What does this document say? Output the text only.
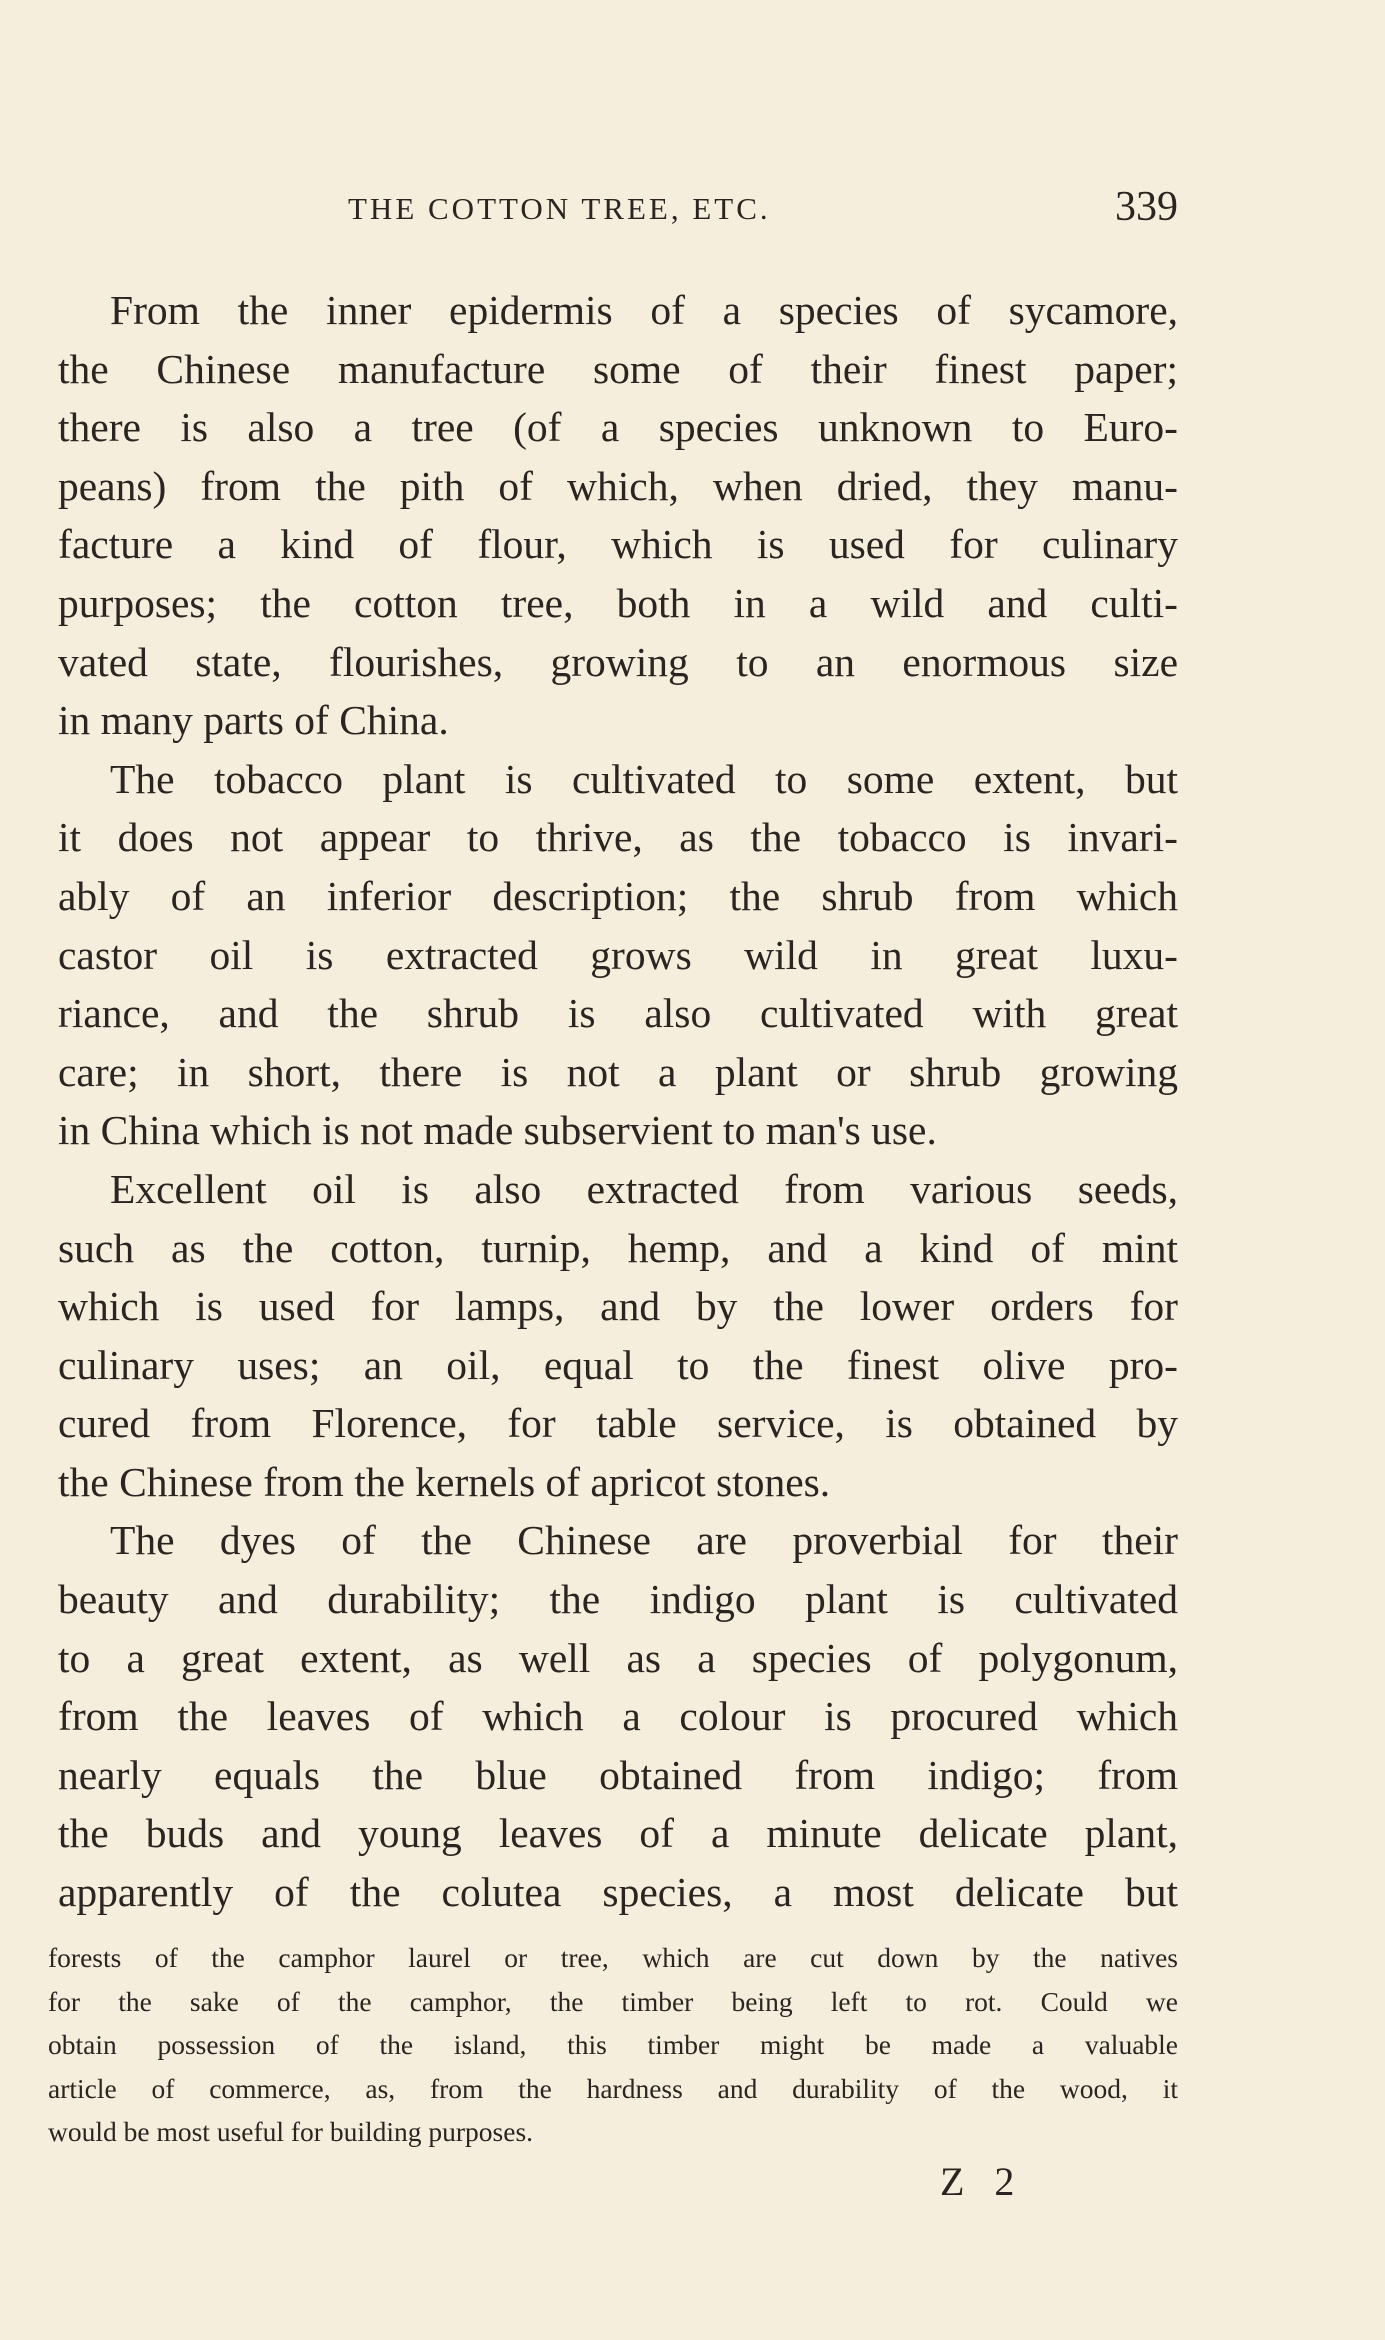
THE COTTON TREE, ETC.	339
From the inner epidermis of a species of sycamore,
the Chinese manufacture some of their finest paper;
there is also a tree (of a species unknown to Euro-
peans) from the pith of which, when dried, they manu-
facture a kind of flour, which is used for culinary
purposes; the cotton tree, both in a wild and culti-
vated state, flourishes, growing to an enormous size
in many parts of China.
The tobacco plant is cultivated to some extent, but
it does not appear to thrive, as the tobacco is invari-
ably of an inferior description; the shrub from which
castor oil is extracted grows wild in great luxu-
riance, and the shrub is also cultivated with great
care; in short, there is not a plant or shrub growing
in China which is not made subservient to man's use.
Excellent oil is also extracted from various seeds,
such as the cotton, turnip, hemp, and a kind of mint
which is used for lamps, and by the lower orders for
culinary uses; an oil, equal to the finest olive pro-
cured from Florence, for table service, is obtained by
the Chinese from the kernels of apricot stones.
The dyes of the Chinese are proverbial for their
beauty and durability; the indigo plant is cultivated
to a great extent, as well as a species of polygonum,
from the leaves of which a colour is procured which
nearly equals the blue obtained from indigo; from
the buds and young leaves of a minute delicate plant,
apparently of the colutea species, a most delicate but
forests of the camphor laurel or tree, which are cut down by the natives
for the sake of the camphor, the timber being left to rot. Could we
obtain possession of the island, this timber might be made a valuable
article of commerce, as, from the hardness and durability of the wood, it
would be most useful for building purposes.
Z 2
